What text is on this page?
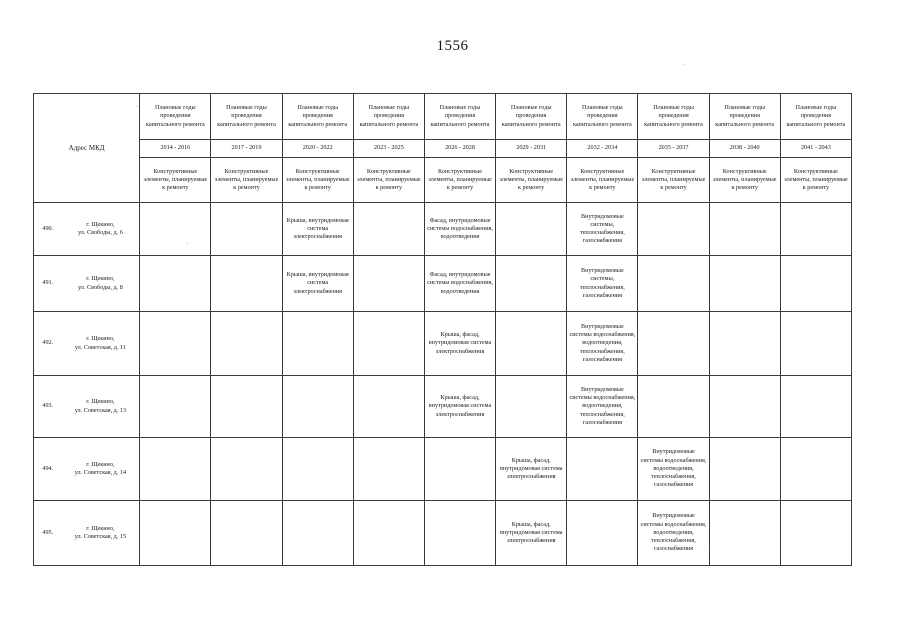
1556
Адрес МКД		Плановые годы проведения капитального ремонта	Плановые годы проведения капитального ремонта	Плановые годы проведения капитального ремонта	Плановые годы проведения капитального ремонта	Плановые годы проведения капитального ремонта	Плановые годы проведения капитального ремонта	Плановые годы проведения капитального ремонта	Плановые годы проведения капитального ремонта	Плановые годы проведения капитального ремонта	Плановые годы проведения капитального ремонта
		2014 - 2016	2017 - 2019	2020 - 2022	2023 - 2025	2026 - 2028	2029 - 2031	2032 - 2034	2035 - 2037	2038 - 2040	2041 - 2043
		Конструктивные элементы, планируемые к ремонту	Конструктивные элементы, планируемые к ремонту	Конструктивные элементы, планируемые к ремонту	Конструктивные элементы, планируемые к ремонту	Конструктивные элементы, планируемые к ремонту	Конструктивные элементы, планируемые к ремонту	Конструктивные элементы, планируемые к ремонту	Конструктивные элементы, планируемые к ремонту	Конструктивные элементы, планируемые к ремонту	Конструктивные элементы, планируемые к ремонту
490.	г. Щекино,
ул. Свободы, д. 6			Крыша, внутридомовая система электроснабжения		Фасад, внутридомовые системы водоснабжения, водоотведения		Внутридомовые системы, теплоснабжения, газоснабжения			
491.	г. Щекино,
ул. Свободы, д. 8			Крыша, внутридомовая система электроснабжения		Фасад, внутридомовые системы водоснабжения, водоотведения		Внутридомовые системы, теплоснабжения, газоснабжения			
492.	г. Щекино,
ул. Советская, д. 11					Крыша, фасад, внутридомовая система электроснабжения		Внутридомовые системы водоснабжения, водоотведения, теплоснабжения, газоснабжения			
493.	г. Щекино,
ул. Советская, д. 13					Крыша, фасад, внутридомовая система электроснабжения		Внутридомовые системы водоснабжения, водоотведения, теплоснабжения, газоснабжения			
494.	г. Щекино,
ул. Советская, д. 14						Крыша, фасад, внутридомовая система электроснабжения		Внутридомовые системы водоснабжения, водоотведения, теплоснабжения, газоснабжения		
495.	г. Щекино,
ул. Советская, д. 15						Крыша, фасад, внутридомовая система электроснабжения		Внутридомовые системы водоснабжения, водоотведения, теплоснабжения, газоснабжения		
·
·
·
·
